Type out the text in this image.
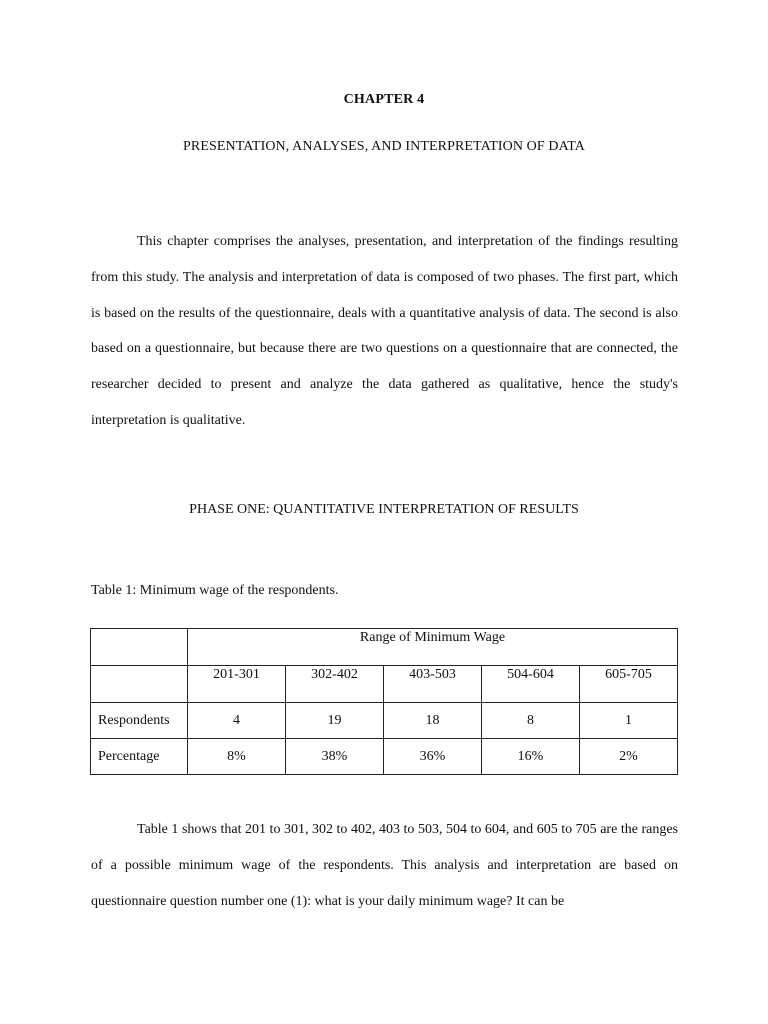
CHAPTER 4
PRESENTATION, ANALYSES, AND INTERPRETATION OF DATA

This chapter comprises the analyses, presentation, and interpretation of the findings resulting from this study. The analysis and interpretation of data is composed of two phases. The first part, which is based on the results of the questionnaire, deals with a quantitative analysis of data. The second is also based on a questionnaire, but because there are two questions on a questionnaire that are connected, the researcher decided to present and analyze the data gathered as qualitative, hence the study's interpretation is qualitative.

PHASE ONE: QUANTITATIVE INTERPRETATION OF RESULTS
Table 1: Minimum wage of the respondents.
	Range of Minimum Wage				
	201-301	302-402	403-503	504-604	605-705
Respondents	4	19	18	8	1
Percentage	8%	38%	36%	16%	2%

Table 1 shows that 201 to 301, 302 to 402, 403 to 503, 504 to 604, and 605 to 705 are the ranges of a possible minimum wage of the respondents. This analysis and interpretation are based on questionnaire question number one (1): what is your daily minimum wage? It can be
